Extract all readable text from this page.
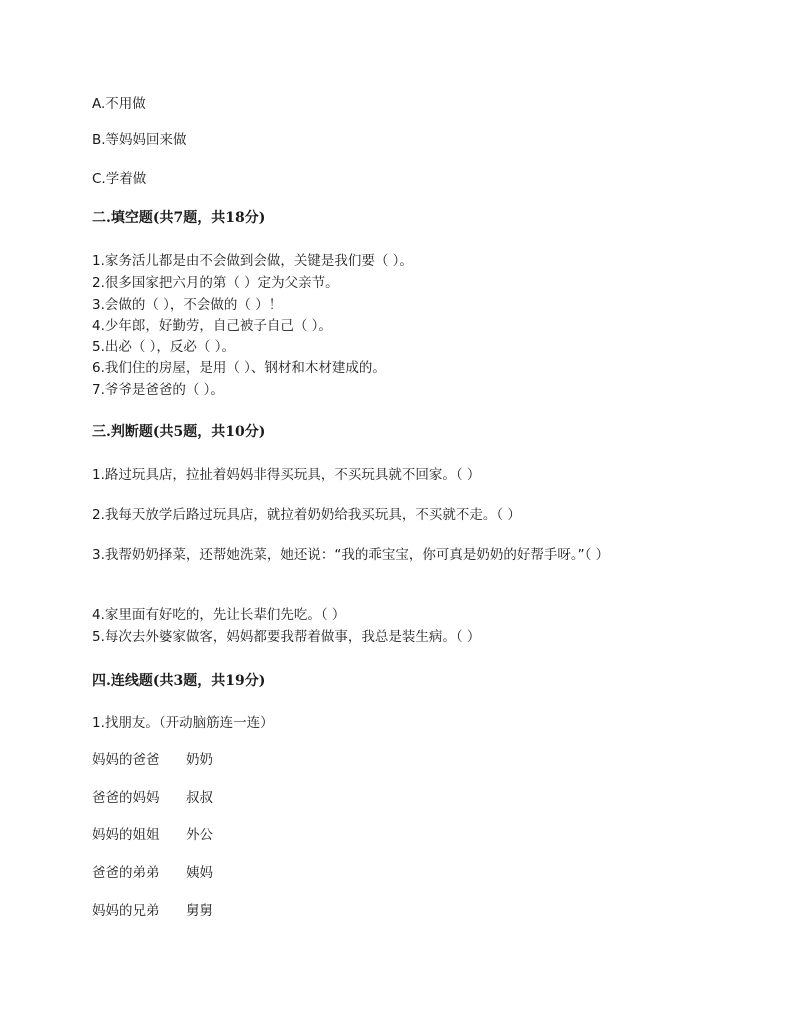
A.不用做
B.等妈妈回来做
C.学着做
二.填空题(共7题，共18分)
1.家务活儿都是由不会做到会做，关键是我们要（ ）。
2.很多国家把六月的第（ ）定为父亲节。
3.会做的（ ），不会做的（ ）！
4.少年郎，好勤劳，自己被子自己（ ）。
5.出必（ ），反必（ ）。
6.我们住的房屋，是用（ ）、钢材和木材建成的。
7.爷爷是爸爸的（ ）。
三.判断题(共5题，共10分)
1.路过玩具店，拉扯着妈妈非得买玩具，不买玩具就不回家。（ ）
2.我每天放学后路过玩具店，就拉着奶奶给我买玩具，不买就不走。（ ）
3.我帮奶奶择菜，还帮她洗菜，她还说：“我的乖宝宝，你可真是奶奶的好帮手呀。”（ ）
4.家里面有好吃的，先让长辈们先吃。（ ）
5.每次去外婆家做客，妈妈都要我帮着做事，我总是装生病。（ ）
四.连线题(共3题，共19分)
1.找朋友。（开动脑筋连一连）
妈妈的爸爸 奶奶
爸爸的妈妈 叔叔
妈妈的姐姐 外公
爸爸的弟弟 姨妈
妈妈的兄弟 舅舅
